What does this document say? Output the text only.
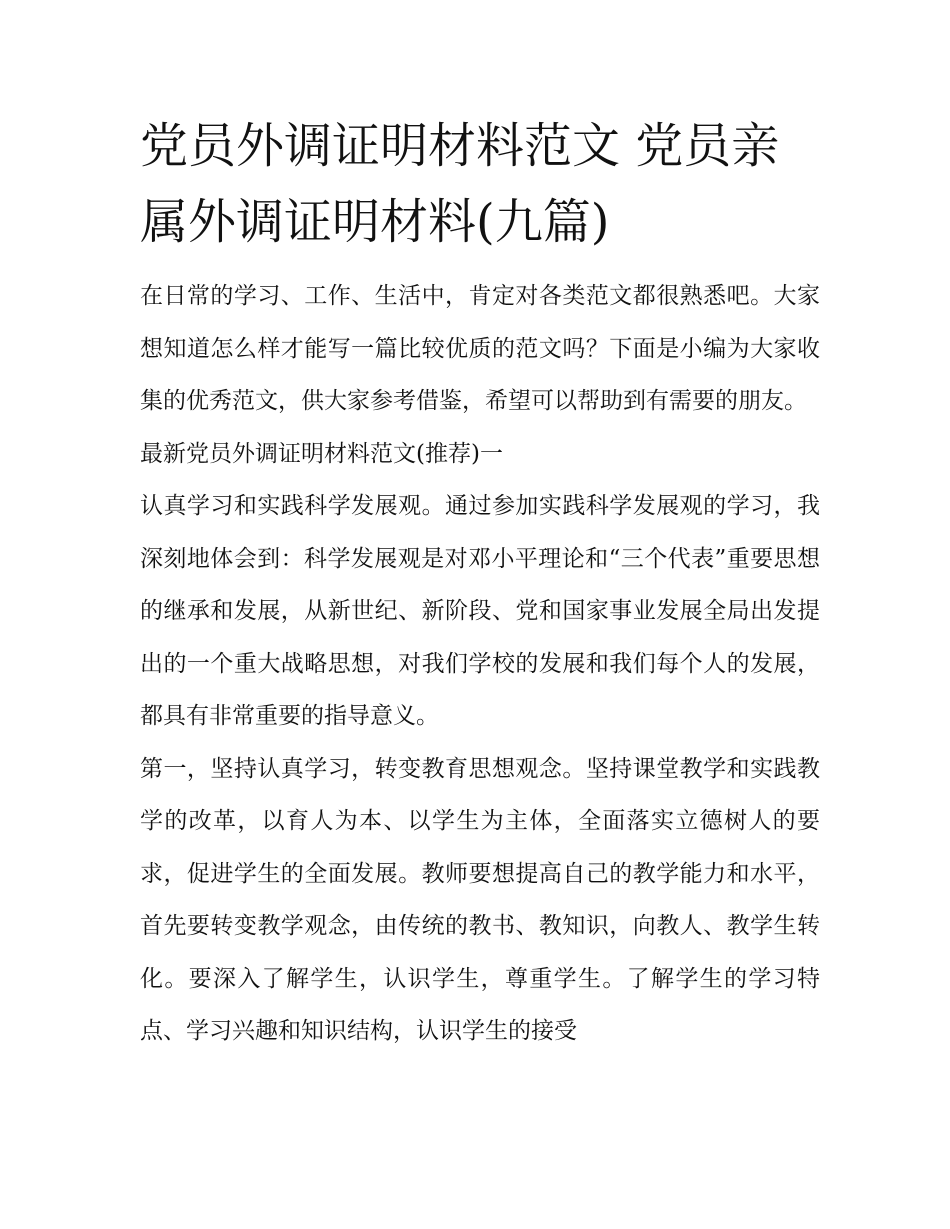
党员外调证明材料范文 党员亲属外调证明材料(九篇)

在日常的学习、工作、生活中，肯定对各类范文都很熟悉吧。大家想知道怎么样才能写一篇比较优质的范文吗？下面是小编为大家收集的优秀范文，供大家参考借鉴，希望可以帮助到有需要的朋友。

最新党员外调证明材料范文(推荐)一

认真学习和实践科学发展观。通过参加实践科学发展观的学习，我深刻地体会到：科学发展观是对邓小平理论和“三个代表”重要思想的继承和发展，从新世纪、新阶段、党和国家事业发展全局出发提出的一个重大战略思想，对我们学校的发展和我们每个人的发展，都具有非常重要的指导意义。

第一，坚持认真学习，转变教育思想观念。坚持课堂教学和实践教学的改革，以育人为本、以学生为主体，全面落实立德树人的要求，促进学生的全面发展。教师要想提高自己的教学能力和水平，首先要转变教学观念，由传统的教书、教知识，向教人、教学生转化。要深入了解学生，认识学生，尊重学生。了解学生的学习特点、学习兴趣和知识结构，认识学生的接受
